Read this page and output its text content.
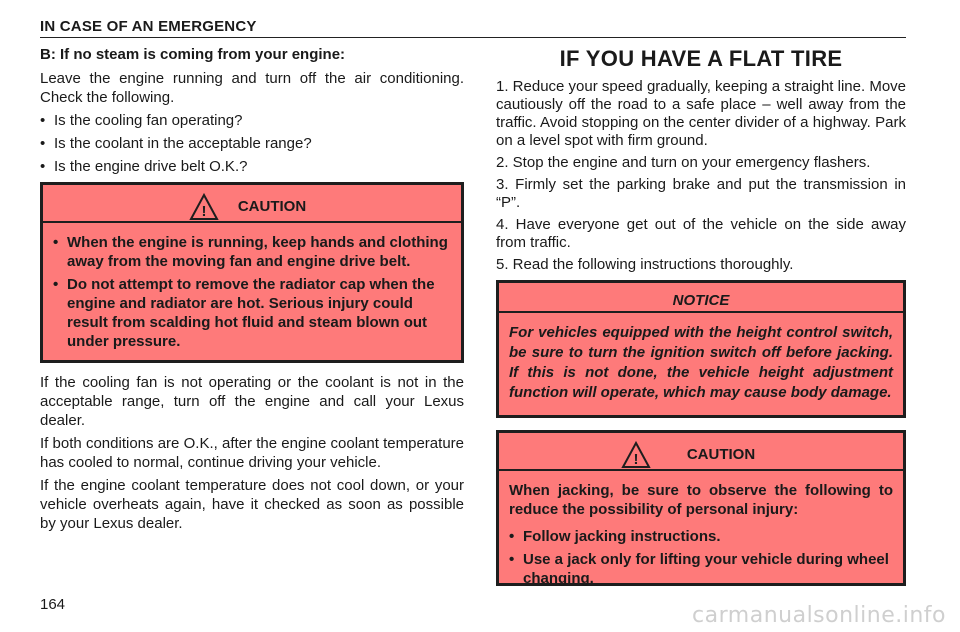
IN CASE OF AN EMERGENCY
B: If no steam is coming from your engine:

Leave the engine running and turn off the air conditioning. Check the following.

• Is the cooling fan operating?
• Is the coolant in the acceptable range?
• Is the engine drive belt O.K.?
! CAUTION
• When the engine is running, keep hands and clothing away from the moving fan and engine drive belt.
• Do not attempt to remove the radiator cap when the engine and radiator are hot. Serious injury could result from scalding hot fluid and steam blown out under pressure.

If the cooling fan is not operating or the coolant is not in the acceptable range, turn off the engine and call your Lexus dealer.

If both conditions are O.K., after the engine coolant temperature has cooled to normal, continue driving your vehicle.

If the engine coolant temperature does not cool down, or your vehicle overheats again, have it checked as soon as possible by your Lexus dealer.

IF YOU HAVE A FLAT TIRE
1. Reduce your speed gradually, keeping a straight line. Move cautiously off the road to a safe place – well away from the traffic. Avoid stopping on the center divider of a highway. Park on a level spot with firm ground.
2. Stop the engine and turn on your emergency flashers.
3. Firmly set the parking brake and put the transmission in “P”.
4. Have everyone get out of the vehicle on the side away from traffic.
5. Read the following instructions thoroughly.
NOTICE

For vehicles equipped with the height control switch, be sure to turn the ignition switch off before jacking. If this is not done, the vehicle height adjustment function will operate, which may cause body damage.

!	CAUTION

When jacking, be sure to observe the following to reduce the possibility of personal injury:

• Follow jacking instructions.
• Use a jack only for lifting your vehicle during wheel changing.
164	carmanualsonline.info
